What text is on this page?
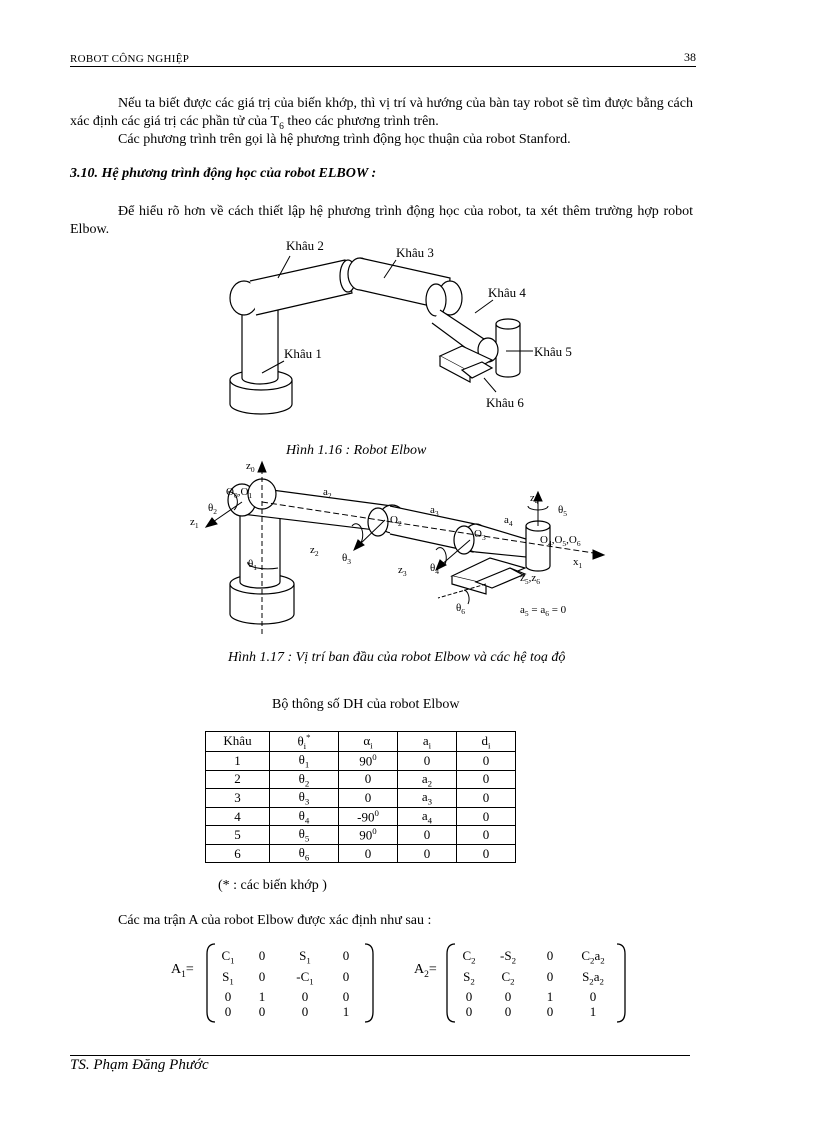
ROBOT CÔNG NGHIỆP	38
Nếu ta biết được các giá trị của biến khớp, thì vị trí và hướng của bàn tay robot sẽ tìm được bằng cách xác định các giá trị các phần tử của $T_6$ theo các phương trình trên.
Các phương trình trên gọi là hệ phương trình động học thuận của robot Stanford.
3.10. Hệ phương trình động học của robot ELBOW :
Để hiểu rõ hơn về cách thiết lập hệ phương trình động học của robot, ta xét thêm trường hợp robot Elbow.
Khâu 2	Khâu 3
Khâu 4
Khâu 5
Khâu 6
Khâu 1
Hình 1.16 : Robot Elbow
$z_0$
$O_0,O_1$
$\theta_2$
$z_1$
$\theta_1$
$a_2$
$O_2$
$z_2$ $\theta_3$
$a_3$
$O_3$
$z_3$ $\theta_4$
$a_4$
$z_4$
$\theta_5$
$O_4,O_5,O_6$
$x_1$
$z_5,z_6$
$\theta_6$	$a_5 = a_6 = 0$
Hình 1.17 : Vị trí ban đầu của robot Elbow và các hệ toạ độ
Bộ thông số DH của robot Elbow
Khâu	$\theta_i^*$	$\alpha_i$	$a_i$	$d_i$
1	$\theta_1$	$90^0$	0	0
2	$\theta_2$	0	$a_2$	0
3	$\theta_3$	0	$a_3$	0
4	$\theta_4$	$-90^0$	$a_4$	0
5	$\theta_5$	$90^0$	0	0
6	$\theta_6$	0	0	0
(* : các biến khớp )
Các ma trận A của robot Elbow được xác định như sau :
$A_1=$
$C_1$	0	$S_1$	0
$S_1$	0	$-C_1$	0
0	1	0	0
0	0	0	1
$A_2=$
$C_2$	$-S_2$	0	$C_2a_2$
$S_2$	$C_2$	0	$S_2a_2$
0	0	1	0
0	0	0	1
TS. Phạm Đăng Phước
